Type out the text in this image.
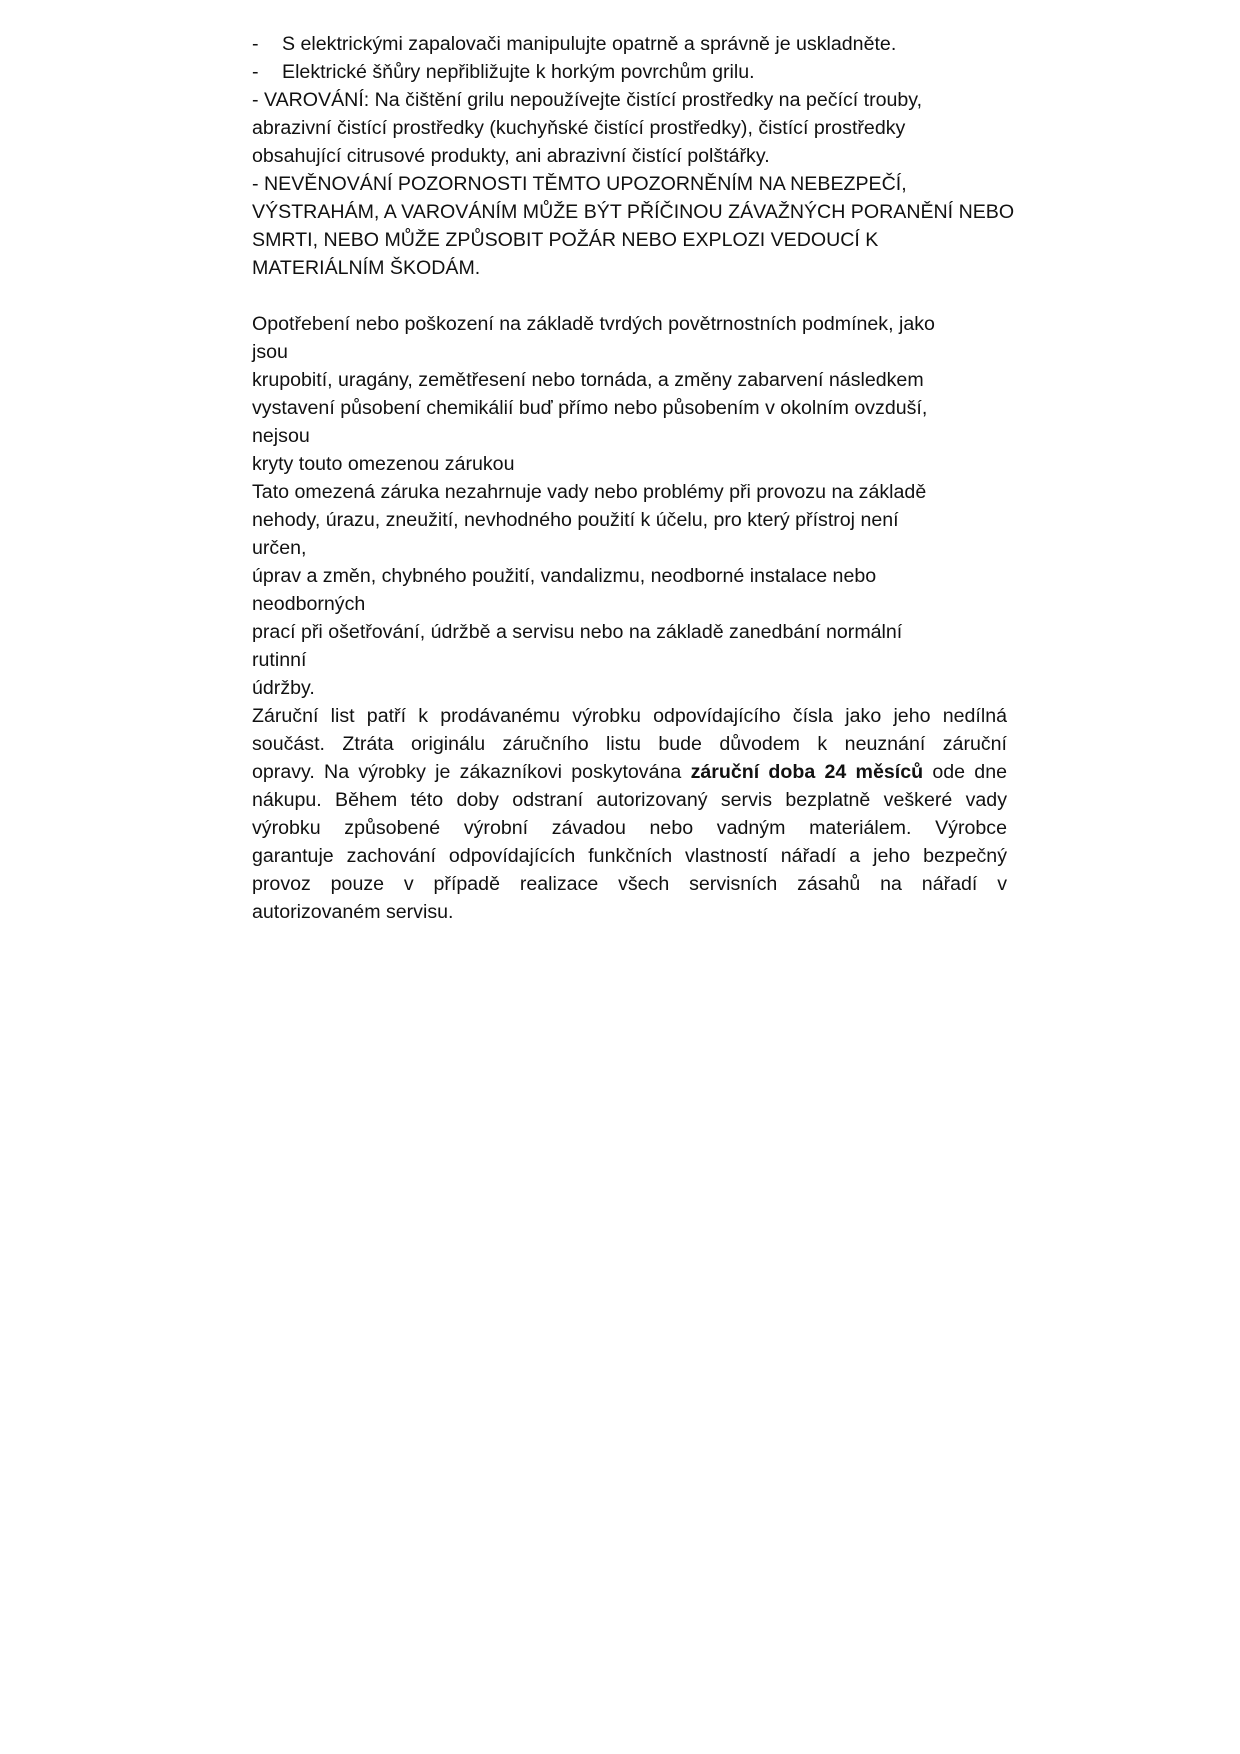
- S elektrickými zapalovači manipulujte opatrně a správně je uskladněte.
- Elektrické šňůry nepřibližujte k horkým povrchům grilu.
- VAROVÁNÍ: Na čištění grilu nepoužívejte čistící prostředky na pečící trouby,
abrazivní čistící prostředky (kuchyňské čistící prostředky), čistící prostředky
obsahující citrusové produkty, ani abrazivní čistící polštářky.
- NEVĚNOVÁNÍ POZORNOSTI TĚMTO UPOZORNĚNÍM NA NEBEZPEČÍ,
VÝSTRAHÁM, A VAROVÁNÍM MŮŽE BÝT PŘÍČINOU ZÁVAŽNÝCH PORANĚNÍ NEBO
SMRTI, NEBO MŮŽE ZPŮSOBIT POŽÁR NEBO EXPLOZI VEDOUCÍ K
MATERIÁLNÍM ŠKODÁM.
Opotřebení nebo poškození na základě tvrdých povětrnostních podmínek, jako
jsou
krupobití, uragány, zemětřesení nebo tornáda, a změny zabarvení následkem
vystavení působení chemikálií buď přímo nebo působením v okolním ovzduší,
nejsou
kryty touto omezenou zárukou
Tato omezená záruka nezahrnuje vady nebo problémy při provozu na základě
nehody, úrazu, zneužití, nevhodného použití k účelu, pro který přístroj není
určen,
úprav a změn, chybného použití, vandalizmu, neodborné instalace nebo
neodborných
prací při ošetřování, údržbě a servisu nebo na základě zanedbání normální
rutinní
údržby.
Záruční list patří k prodávanému výrobku odpovídajícího čísla jako jeho nedílná
součást. Ztráta originálu záručního listu bude důvodem k neuznání záruční
opravy. Na výrobky je zákazníkovi poskytována záruční doba 24 měsíců ode dne
nákupu. Během této doby odstraní autorizovaný servis bezplatně veškeré vady
výrobku způsobené výrobní závadou nebo vadným materiálem. Výrobce
garantuje zachování odpovídajících funkčních vlastností nářadí a jeho bezpečný
provoz pouze v případě realizace všech servisních zásahů na nářadí v
autorizovaném servisu.
